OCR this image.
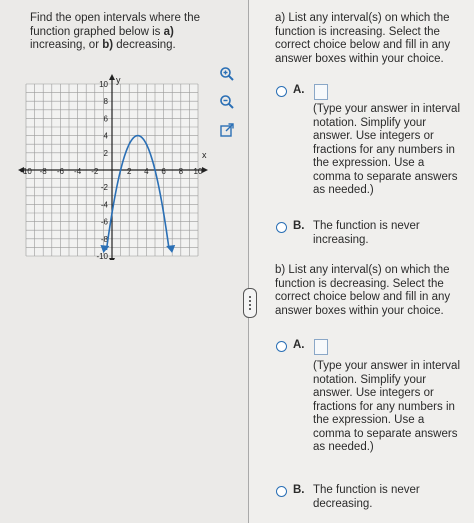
Find the open intervals where the function graphed below is a) increasing, or b) decreasing.
x
y
-10 -8 -6 -4 -2	2 4 6 8 10
10
8
6
4
2
-2
-4
-6
-8
-10
a) List any interval(s) on which the function is increasing. Select the correct choice below and fill in any answer boxes within your choice.
A.
(Type your answer in interval notation. Simplify your answer. Use integers or fractions for any numbers in the expression. Use a comma to separate answers as needed.)
B. The function is never increasing.
b) List any interval(s) on which the function is decreasing. Select the correct choice below and fill in any answer boxes within your choice.
A.
(Type your answer in interval notation. Simplify your answer. Use integers or fractions for any numbers in the expression. Use a comma to separate answers as needed.)
B. The function is never decreasing.
